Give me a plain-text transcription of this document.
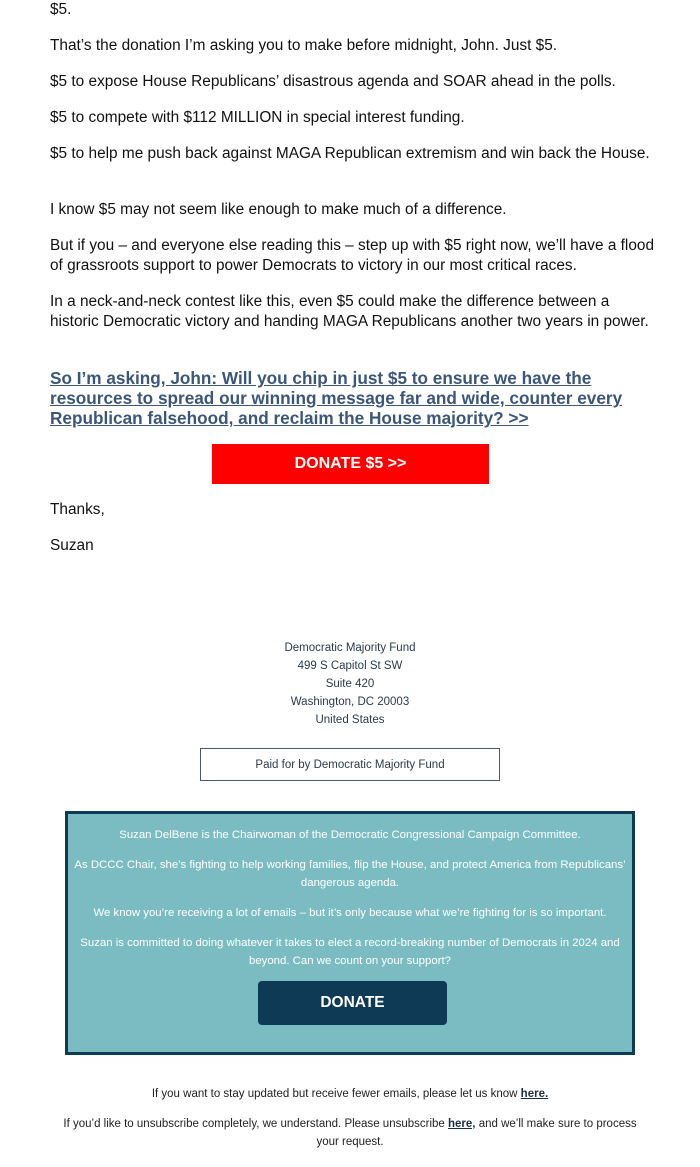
$5.

That’s the donation I’m asking you to make before midnight, John. Just $5.

$5 to expose House Republicans’ disastrous agenda and SOAR ahead in the polls.

$5 to compete with $112 MILLION in special interest funding.

$5 to help me push back against MAGA Republican extremism and win back the House.

I know $5 may not seem like enough to make much of a difference.

But if you – and everyone else reading this – step up with $5 right now, we’ll have a flood of grassroots support to power Democrats to victory in our most critical races.

In a neck-and-neck contest like this, even $5 could make the difference between a historic Democratic victory and handing MAGA Republicans another two years in power.

So I’m asking, John: Will you chip in just $5 to ensure we have the resources to spread our winning message far and wide, counter every Republican falsehood, and reclaim the House majority? >>

DONATE $5 >>

Thanks,

Suzan

Democratic Majority Fund
499 S Capitol St SW
Suite 420
Washington, DC 20003
United States
Paid for by Democratic Majority Fund

Suzan DelBene is the Chairwoman of the Democratic Congressional Campaign Committee.

As DCCC Chair, she’s fighting to help working families, flip the House, and protect America from Republicans’ dangerous agenda.

We know you’re receiving a lot of emails – but it’s only because what we’re fighting for is so important.

Suzan is committed to doing whatever it takes to elect a record-breaking number of Democrats in 2024 and beyond. Can we count on your support?

DONATE

If you want to stay updated but receive fewer emails, please let us know here.

If you’d like to unsubscribe completely, we understand. Please unsubscribe here, and we’ll make sure to process your request.
